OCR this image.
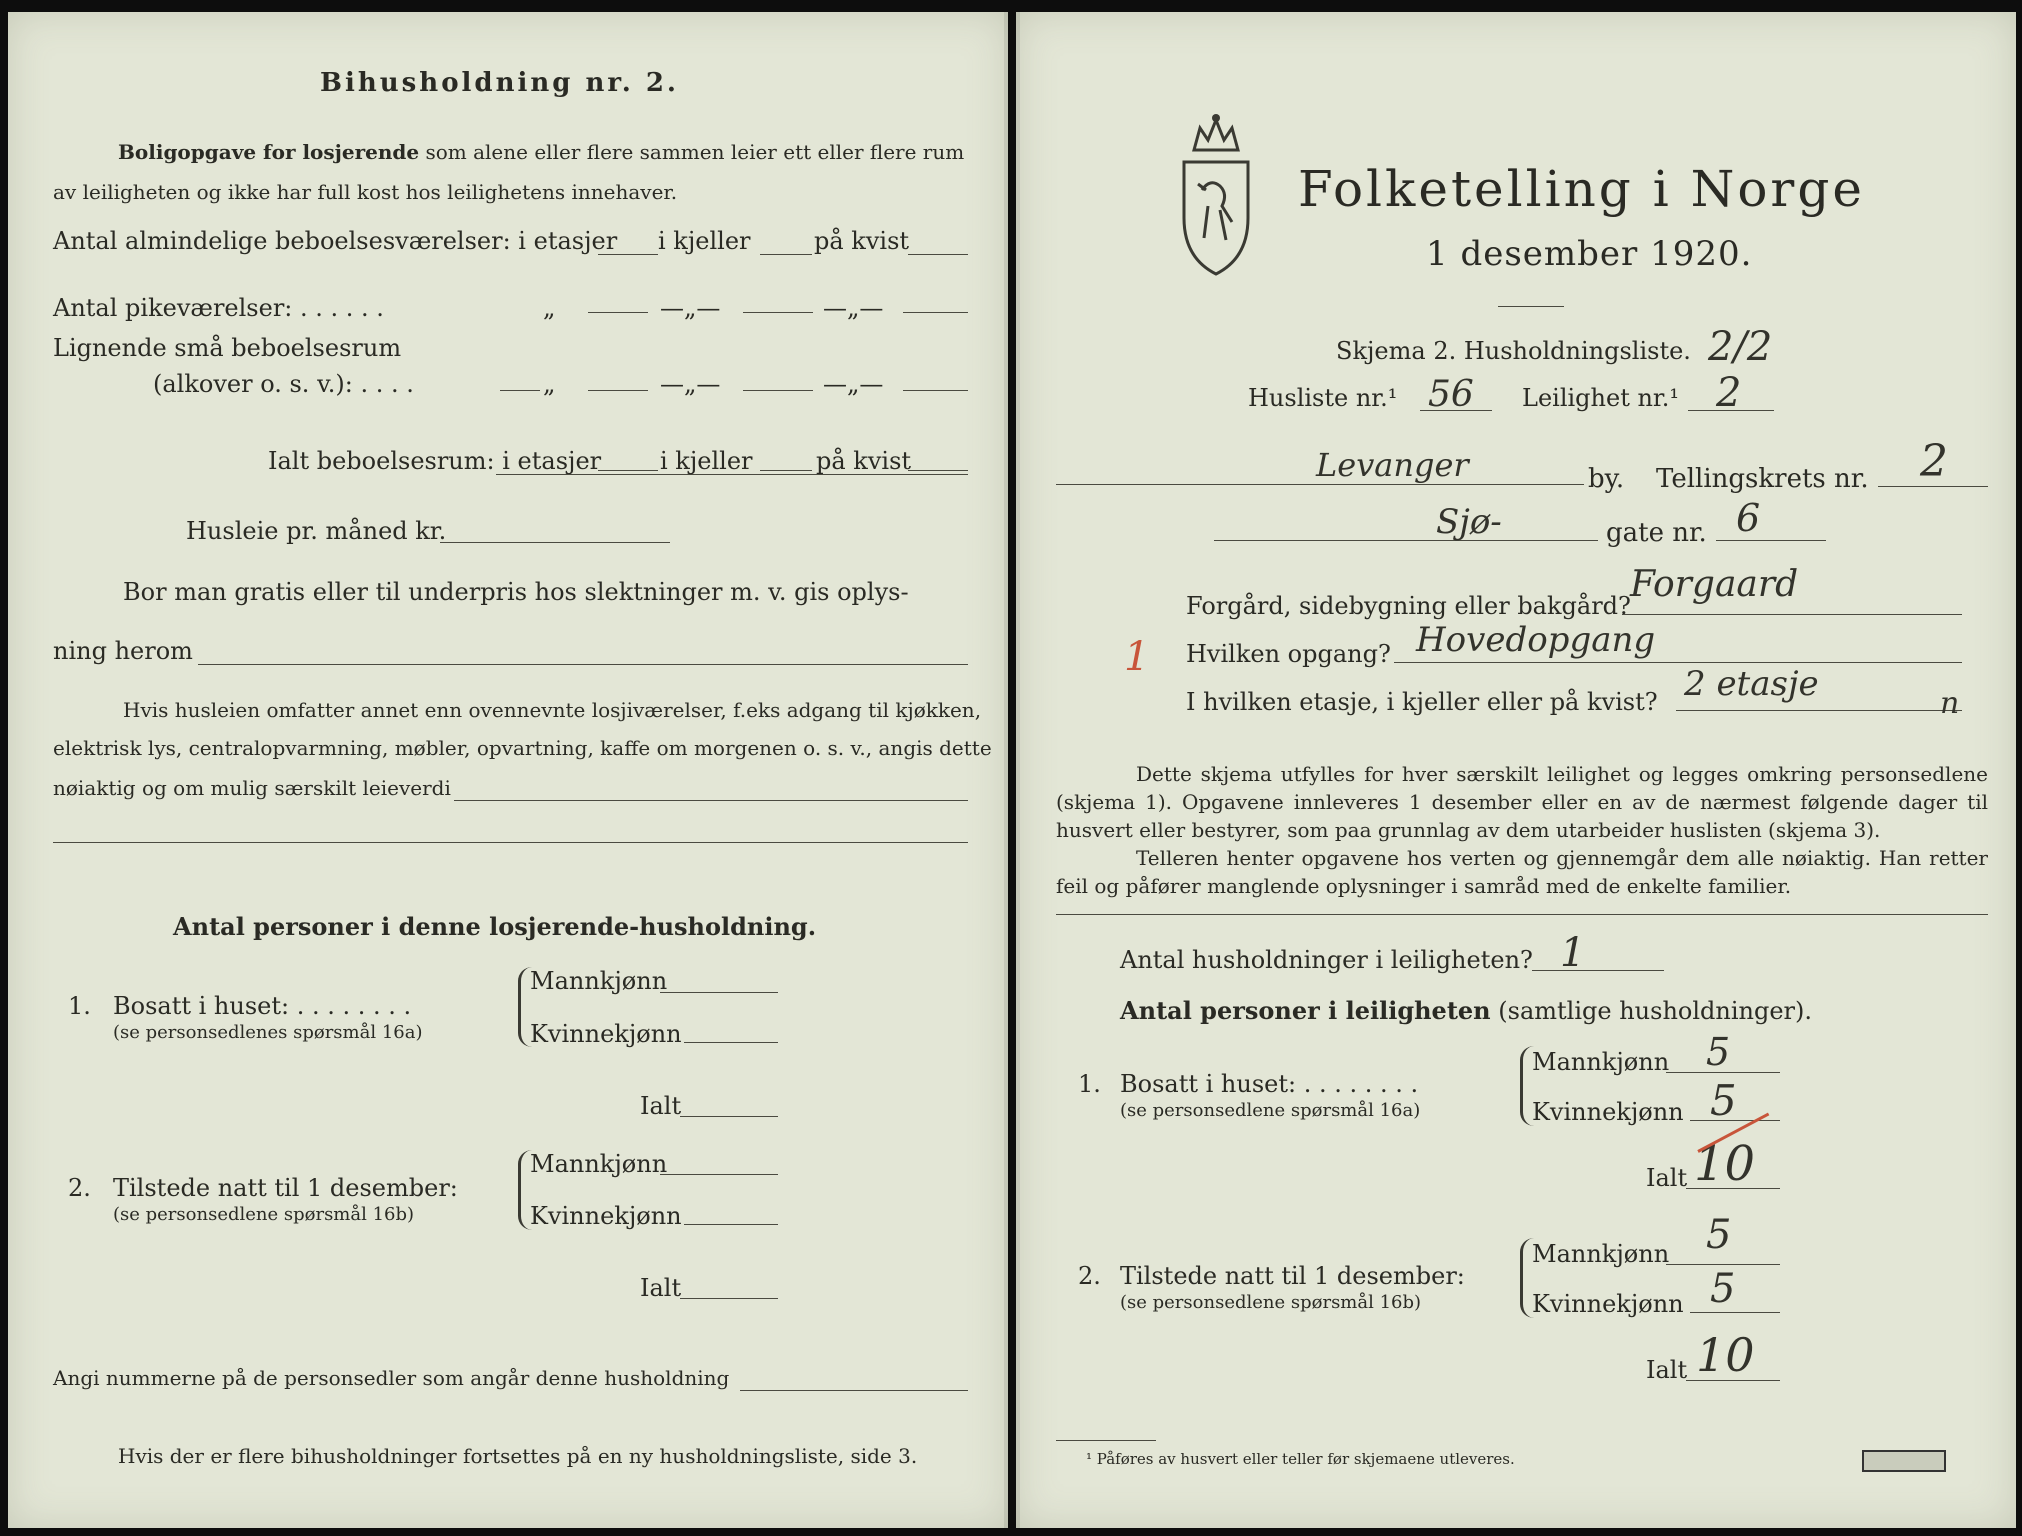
Bihusholdning nr. 2.
Boligopgave for losjerende som alene eller flere sammen leier ett eller flere rum
av leiligheten og ikke har full kost hos leilighetens innehaver.
Antal almindelige beboelsesværelser: i etasjer i kjeller	på kvist
Antal pikeværelser: . . . . . .	„	—„—	—„—
Lignende små beboelsesrum
(alkover o. s. v.): . . . .	„	—„—	—„—
Ialt beboelsesrum: i etasjer i kjeller	på kvist
Husleie pr. måned kr.
Bor man gratis eller til underpris hos slektninger m. v. gis oplys-
ning herom
Hvis husleien omfatter annet enn ovennevnte losjiværelser, f.eks adgang til kjøkken,
elektrisk lys, centralopvarmning, møbler, opvartning, kaffe om morgenen o. s. v., angis dette
nøiaktig og om mulig særskilt leieverdi
Antal personer i denne losjerende-husholdning.
1. Bosatt i huset: . . . . . . . .
(se personsedlenes spørsmål 16a)
Mannkjønn
Kvinnekjønn
Ialt
2. Tilstede natt til 1 desember:
(se personsedlene spørsmål 16b)
Mannkjønn
Kvinnekjønn
Ialt
Angi nummerne på de personsedler som angår denne husholdning
Hvis der er flere bihusholdninger fortsettes på en ny husholdningsliste, side 3.
Folketelling i Norge
1 desember 1920.
Skjema 2. Husholdningsliste. 2/2
Husliste nr.¹ 56 Leilighet nr.¹ 2
Levanger	by. Tellingskrets nr. 2
Sjø-	gate nr. 6
Forgård, sidebygning eller bakgård?
Forgaard
1 Hvilken opgang? Hovedopgang
I hvilken etasje, i kjeller eller på kvist? 2 etasje	n
Dette skjema utfylles for hver særskilt leilighet og legges omkring personsedlene (skjema 1). Opgavene innleveres 1 desember eller en av de nærmest følgende dager til husvert eller bestyrer, som paa grunnlag av dem utarbeider huslisten (skjema 3).
Telleren henter opgavene hos verten og gjennemgår dem alle nøiaktig. Han retter feil og påfører manglende oplysninger i samråd med de enkelte familier.
Antal husholdninger i leiligheten? 1
Antal personer i leiligheten (samtlige husholdninger).
1. Bosatt i huset: . . . . . . . .
(se personsedlene spørsmål 16a)
Mannkjønn 5
Kvinnekjønn 5
Ialt 10
2. Tilstede natt til 1 desember:
(se personsedlene spørsmål 16b)
Mannkjønn 5
Kvinnekjønn 5
Ialt 10
¹ Påføres av husvert eller teller før skjemaene utleveres.
